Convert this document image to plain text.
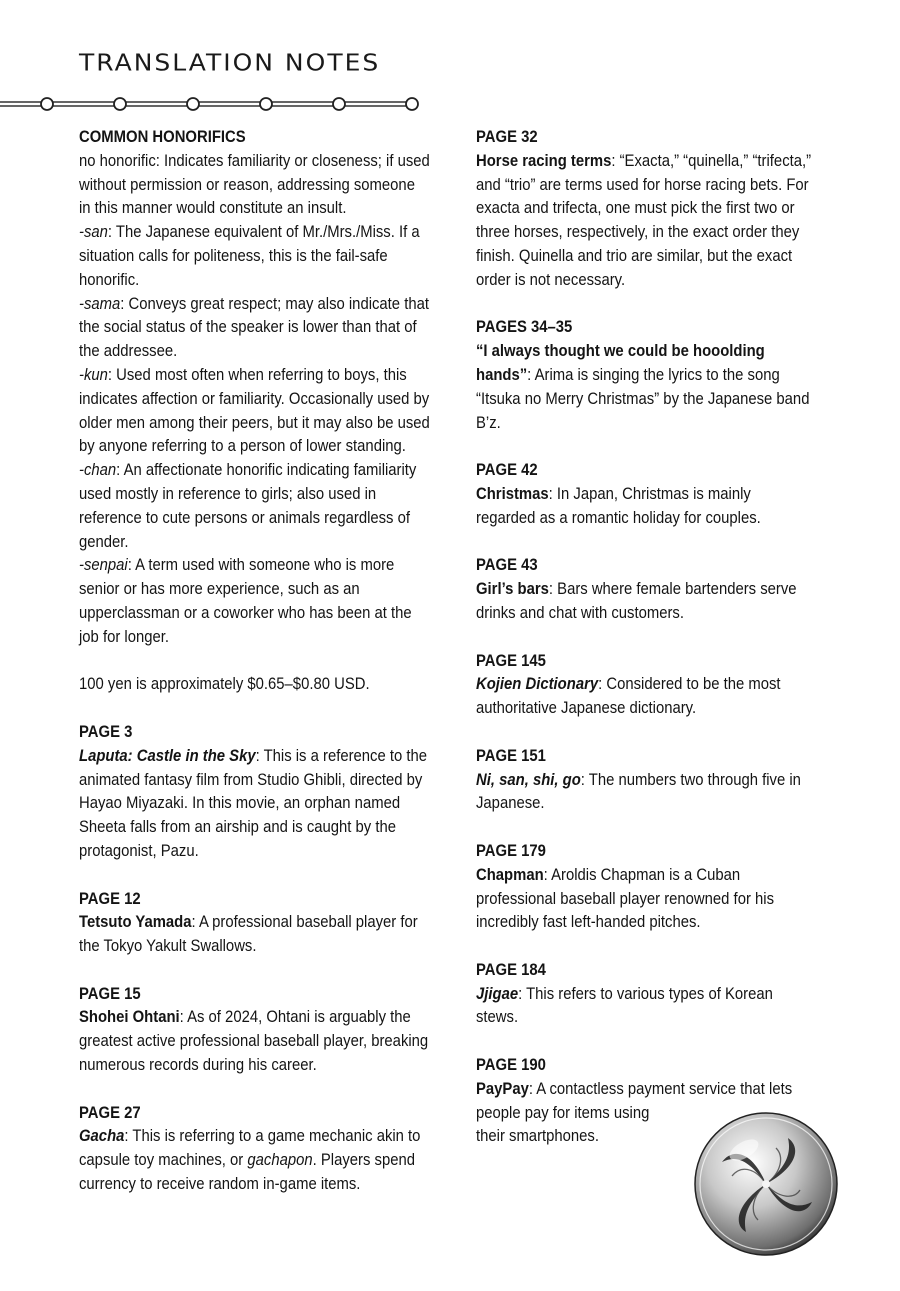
TRANSLATION NOTES

COMMON HONORIFICS

no honorific: Indicates familiarity or closeness; if used without permission or reason, addressing someone in this manner would constitute an insult.

-san: The Japanese equivalent of Mr./Mrs./Miss. If a situation calls for politeness, this is the fail-safe honorific.

-sama: Conveys great respect; may also indicate that the social status of the speaker is lower than that of the addressee.

-kun: Used most often when referring to boys, this indicates affection or familiarity. Occasionally used by older men among their peers, but it may also be used by anyone referring to a person of lower standing.

-chan: An affectionate honorific indicating familiarity used mostly in reference to girls; also used in reference to cute persons or animals regardless of gender.

-senpai: A term used with someone who is more senior or has more experience, such as an upperclassman or a coworker who has been at the job for longer.

100 yen is approximately $0.65–$0.80 USD.

PAGE 3

Laputa: Castle in the Sky: This is a reference to the animated fantasy film from Studio Ghibli, directed by Hayao Miyazaki. In this movie, an orphan named Sheeta falls from an airship and is caught by the protagonist, Pazu.

PAGE 12

Tetsuto Yamada: A professional baseball player for the Tokyo Yakult Swallows.

PAGE 15

Shohei Ohtani: As of 2024, Ohtani is arguably the greatest active professional baseball player, breaking numerous records during his career.

PAGE 27

Gacha: This is referring to a game mechanic akin to capsule toy machines, or gachapon. Players spend currency to receive random in-game items.

PAGE 32

Horse racing terms: “Exacta,” “quinella,” “trifecta,” and “trio” are terms used for horse racing bets. For exacta and trifecta, one must pick the first two or three horses, respectively, in the exact order they finish. Quinella and trio are similar, but the exact order is not necessary.

PAGES 34–35

“I always thought we could be hooolding hands”: Arima is singing the lyrics to the song “Itsuka no Merry Christmas” by the Japanese band B’z.

PAGE 42

Christmas: In Japan, Christmas is mainly regarded as a romantic holiday for couples.

PAGE 43

Girl’s bars: Bars where female bartenders serve drinks and chat with customers.

PAGE 145

Kojien Dictionary: Considered to be the most authoritative Japanese dictionary.

PAGE 151

Ni, san, shi, go: The numbers two through five in Japanese.

PAGE 179

Chapman: Aroldis Chapman is a Cuban professional baseball player renowned for his incredibly fast left-handed pitches.

PAGE 184

Jjigae: This refers to various types of Korean stews.

PAGE 190

PayPay: A contactless payment service that lets people pay for items using
their smartphones.
